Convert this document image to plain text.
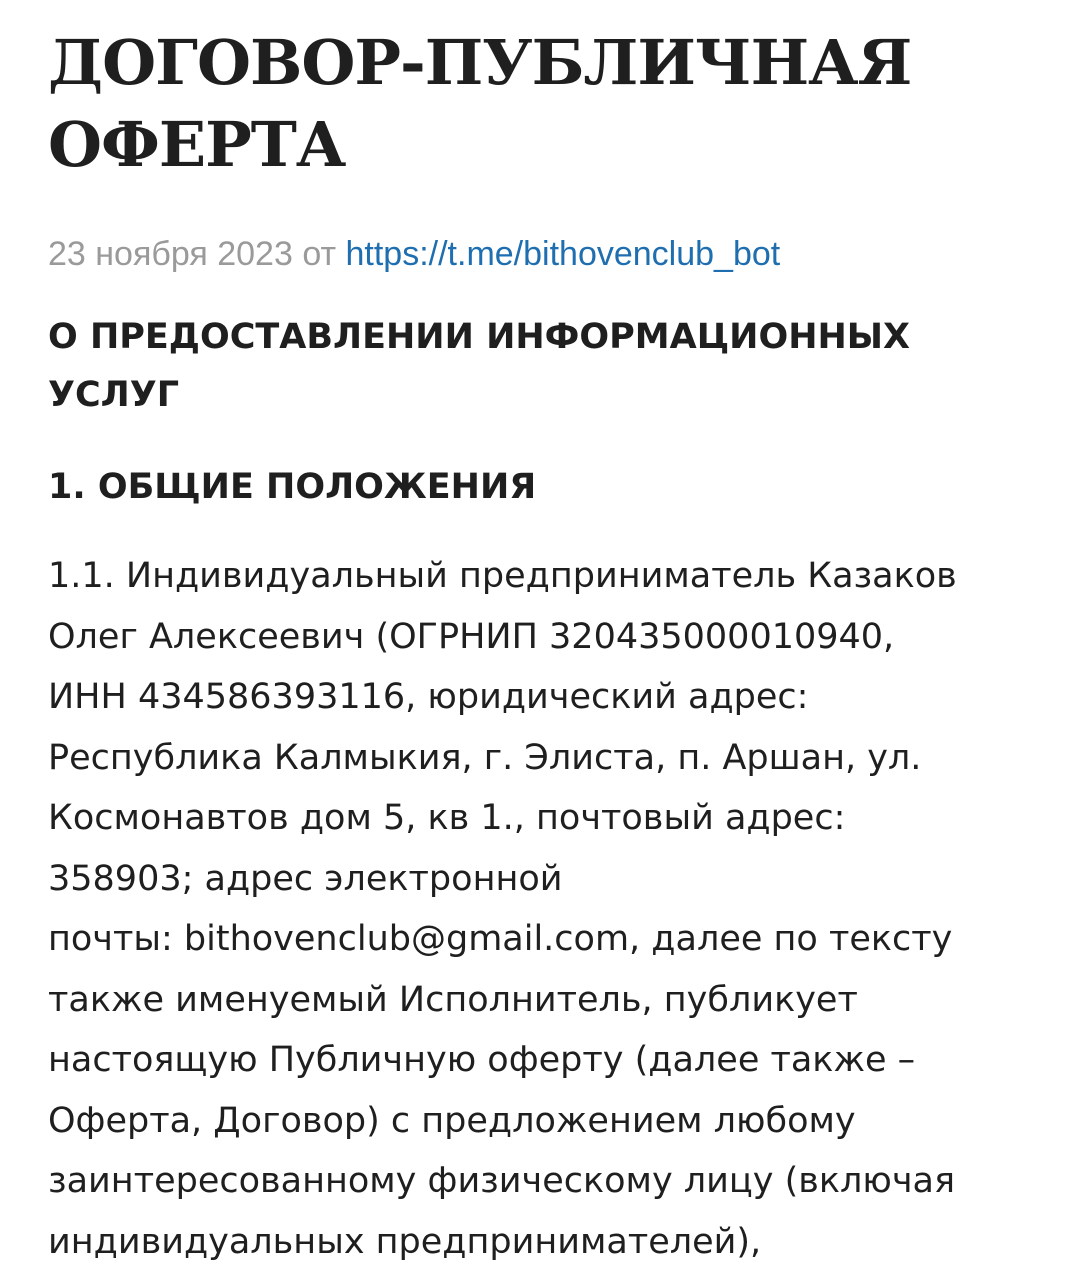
ДОГОВОР-ПУБЛИЧНАЯ
ОФЕРТА
23 ноября 2023 от https://t.me/bithovenclub_bot
О ПРЕДОСТАВЛЕНИИ ИНФОРМАЦИОННЫХ
УСЛУГ
1. ОБЩИЕ ПОЛОЖЕНИЯ
1.1. Индивидуальный предприниматель Казаков
Олег Алексеевич (ОГРНИП 320435000010940,
ИНН 434586393116, юридический адрес:
Республика Калмыкия, г. Элиста, п. Аршан, ул.
Космонавтов дом 5, кв 1., почтовый адрес:
358903; адрес электронной
почты: bithovenclub@gmail.com, далее по тексту
также именуемый Исполнитель, публикует
настоящую Публичную оферту (далее также –
Оферта, Договор) с предложением любому
заинтересованному физическому лицу (включая
индивидуальных предпринимателей),
